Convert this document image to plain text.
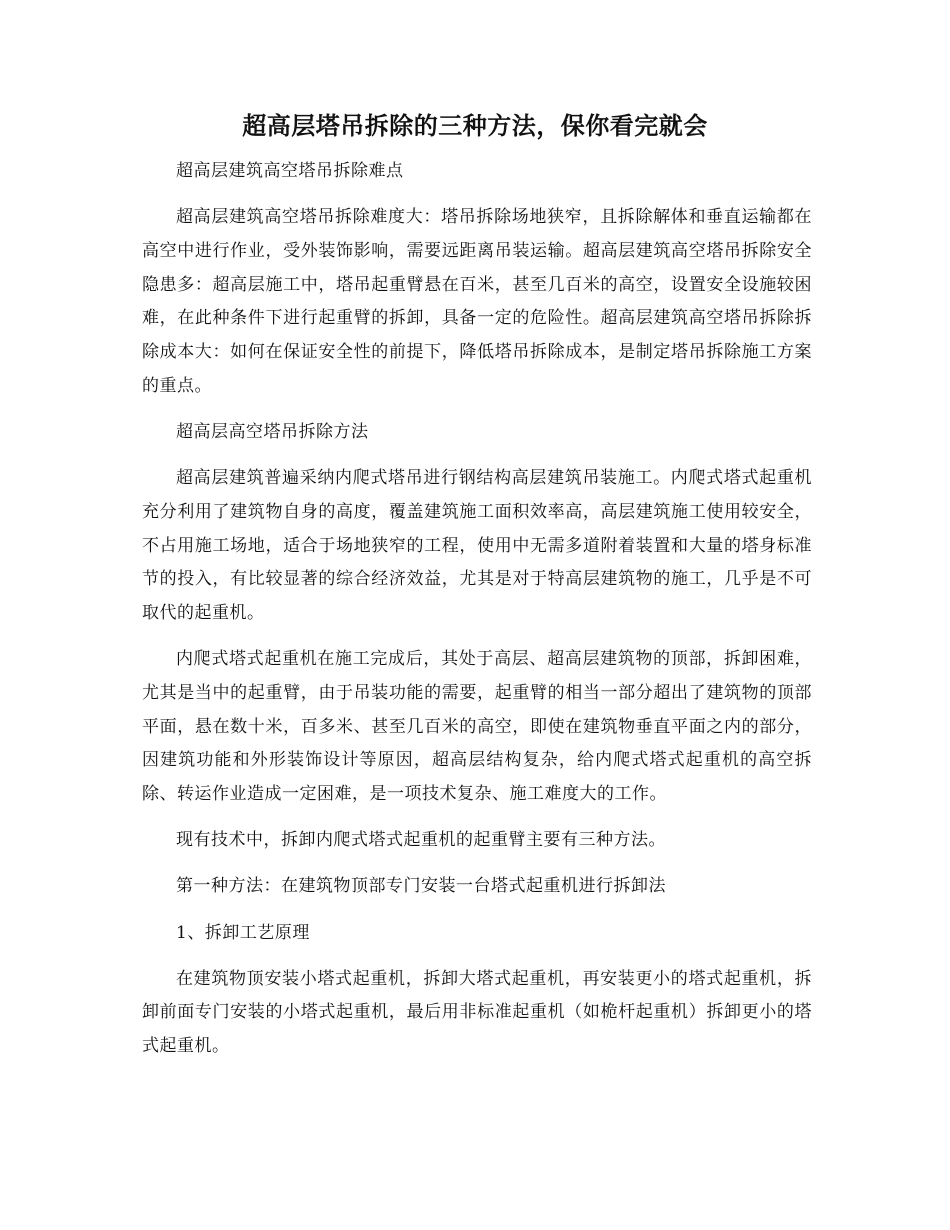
超高层塔吊拆除的三种方法，保你看完就会

超高层建筑高空塔吊拆除难点

超高层建筑高空塔吊拆除难度大：塔吊拆除场地狭窄，且拆除解体和垂直运输都在高空中进行作业，受外装饰影响，需要远距离吊装运输。超高层建筑高空塔吊拆除安全隐患多：超高层施工中，塔吊起重臂悬在百米，甚至几百米的高空，设置安全设施较困难，在此种条件下进行起重臂的拆卸，具备一定的危险性。超高层建筑高空塔吊拆除拆除成本大：如何在保证安全性的前提下，降低塔吊拆除成本，是制定塔吊拆除施工方案的重点。

超高层高空塔吊拆除方法

超高层建筑普遍采纳内爬式塔吊进行钢结构高层建筑吊装施工。内爬式塔式起重机充分利用了建筑物自身的高度，覆盖建筑施工面积效率高，高层建筑施工使用较安全，不占用施工场地，适合于场地狭窄的工程，使用中无需多道附着装置和大量的塔身标准节的投入，有比较显著的综合经济效益，尤其是对于特高层建筑物的施工，几乎是不可取代的起重机。

内爬式塔式起重机在施工完成后，其处于高层、超高层建筑物的顶部，拆卸困难，尤其是当中的起重臂，由于吊装功能的需要，起重臂的相当一部分超出了建筑物的顶部平面，悬在数十米，百多米、甚至几百米的高空，即使在建筑物垂直平面之内的部分，因建筑功能和外形装饰设计等原因，超高层结构复杂，给内爬式塔式起重机的高空拆除、转运作业造成一定困难，是一项技术复杂、施工难度大的工作。

现有技术中，拆卸内爬式塔式起重机的起重臂主要有三种方法。

第一种方法：在建筑物顶部专门安装一台塔式起重机进行拆卸法

1、拆卸工艺原理

在建筑物顶安装小塔式起重机，拆卸大塔式起重机，再安装更小的塔式起重机，拆卸前面专门安装的小塔式起重机，最后用非标准起重机（如桅杆起重机）拆卸更小的塔式起重机。
